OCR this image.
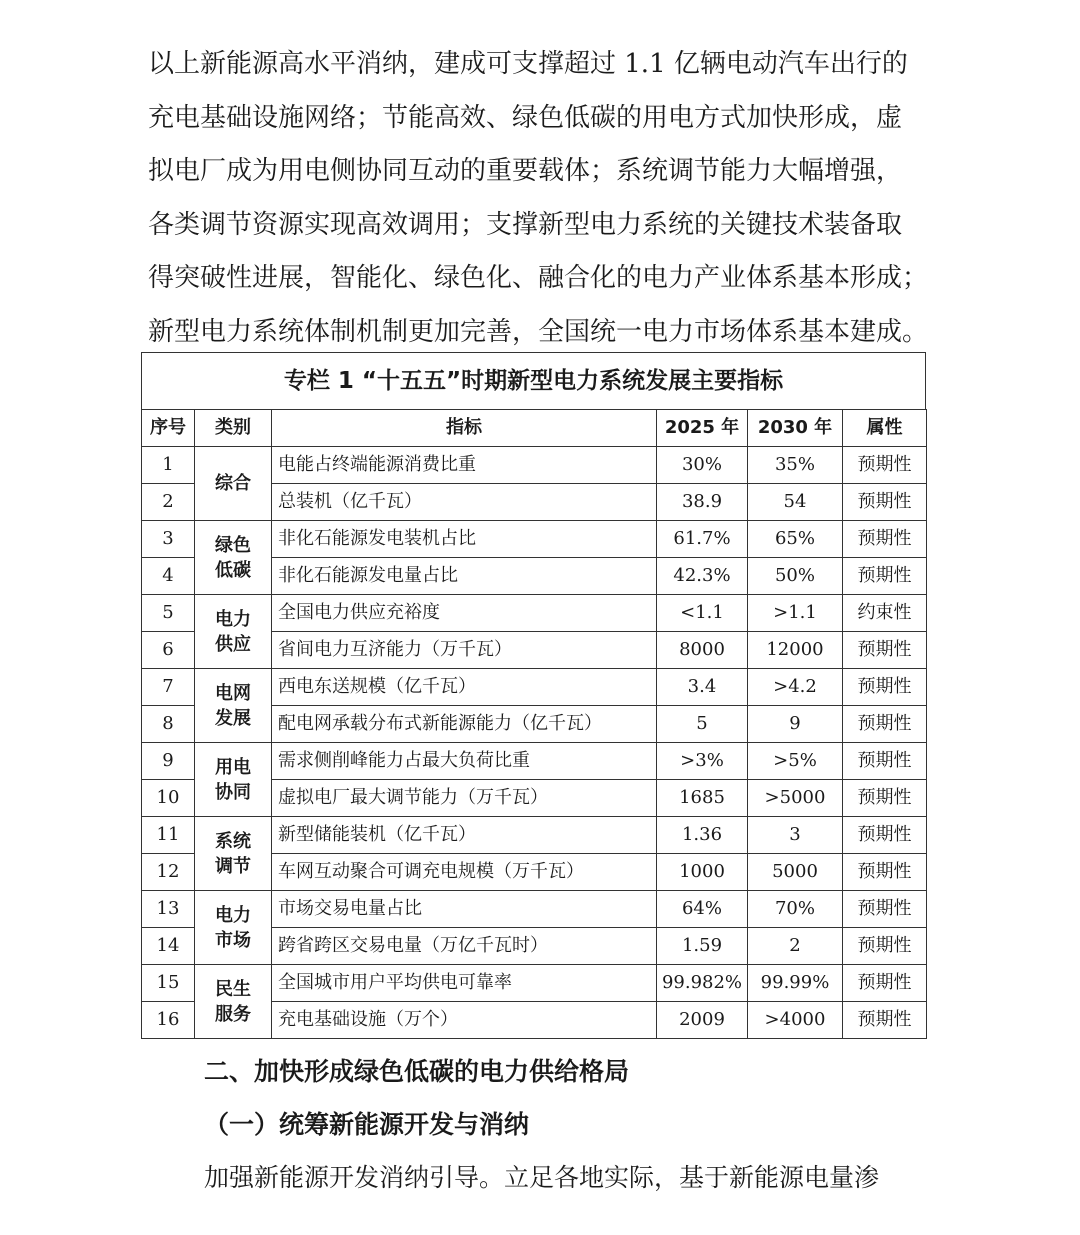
以上新能源高水平消纳，建成可支撑超过 1.1 亿辆电动汽车出行的
充电基础设施网络；节能高效、绿色低碳的用电方式加快形成，虚
拟电厂成为用电侧协同互动的重要载体；系统调节能力大幅增强，
各类调节资源实现高效调用；支撑新型电力系统的关键技术装备取
得突破性进展，智能化、绿色化、融合化的电力产业体系基本形成；
新型电力系统体制机制更加完善，全国统一电力市场体系基本建成。
专栏 1 “十五五”时期新型电力系统发展主要指标
序号	类别	指标	2025 年	2030 年	属性
1	综合	电能占终端能源消费比重	30%	35%	预期性
2		总装机（亿千瓦）	38.9	54	预期性
3	绿色低碳	非化石能源发电装机占比	61.7%	65%	预期性
4		非化石能源发电量占比	42.3%	50%	预期性
5	电力供应	全国电力供应充裕度	<1.1	>1.1	约束性
6		省间电力互济能力（万千瓦）	8000	12000	预期性
7	电网发展	西电东送规模（亿千瓦）	3.4	>4.2	预期性
8		配电网承载分布式新能源能力（亿千瓦）	5	9	预期性
9	用电协同	需求侧削峰能力占最大负荷比重	>3%	>5%	预期性
10		虚拟电厂最大调节能力（万千瓦）	1685	>5000	预期性
11	系统调节	新型储能装机（亿千瓦）	1.36	3	预期性
12		车网互动聚合可调充电规模（万千瓦）	1000	5000	预期性
13	电力市场	市场交易电量占比	64%	70%	预期性
14		跨省跨区交易电量（万亿千瓦时）	1.59	2	预期性
15	民生服务	全国城市用户平均供电可靠率	99.982%	99.99%	预期性
16		充电基础设施（万个）	2009	>4000	预期性
二、加快形成绿色低碳的电力供给格局
（一）统筹新能源开发与消纳

加强新能源开发消纳引导。立足各地实际，基于新能源电量渗
